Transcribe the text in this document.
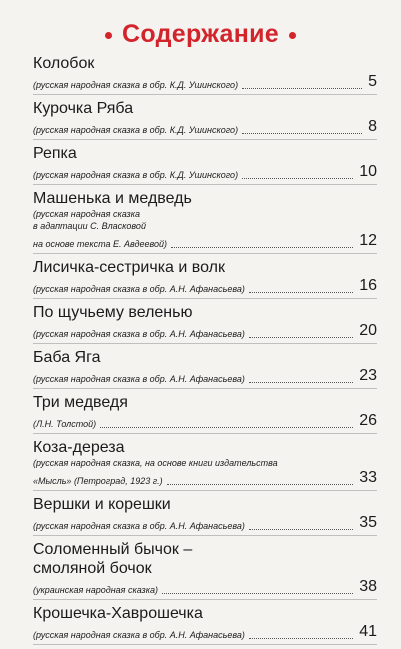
Содержание
Колобок
(русская народная сказка в обр. К.Д. Ушинского)	5
Курочка Ряба
(русская народная сказка в обр. К.Д. Ушинского)	8
Репка
(русская народная сказка в обр. К.Д. Ушинского)	10
Машенька и медведь
(русская народная сказка
в адаптации С. Власковой
на основе текста Е. Авдеевой)	12
Лисичка-сестричка и волк
(русская народная сказка в обр. А.Н. Афанасьева)	16
По щучьему веленью
(русская народная сказка в обр. А.Н. Афанасьева)	20
Баба Яга
(русская народная сказка в обр. А.Н. Афанасьева)	23
Три медведя
(Л.Н. Толстой)	26
Коза-дереза
(русская народная сказка, на основе книги издательства
«Мысль» (Петроград, 1923 г.)	33
Вершки и корешки
(русская народная сказка в обр. А.Н. Афанасьева)	35
Соломенный бычок –
смоляной бочок
(украинская народная сказка)	38
Крошечка-Хаврошечка
(русская народная сказка в обр. А.Н. Афанасьева)	41
